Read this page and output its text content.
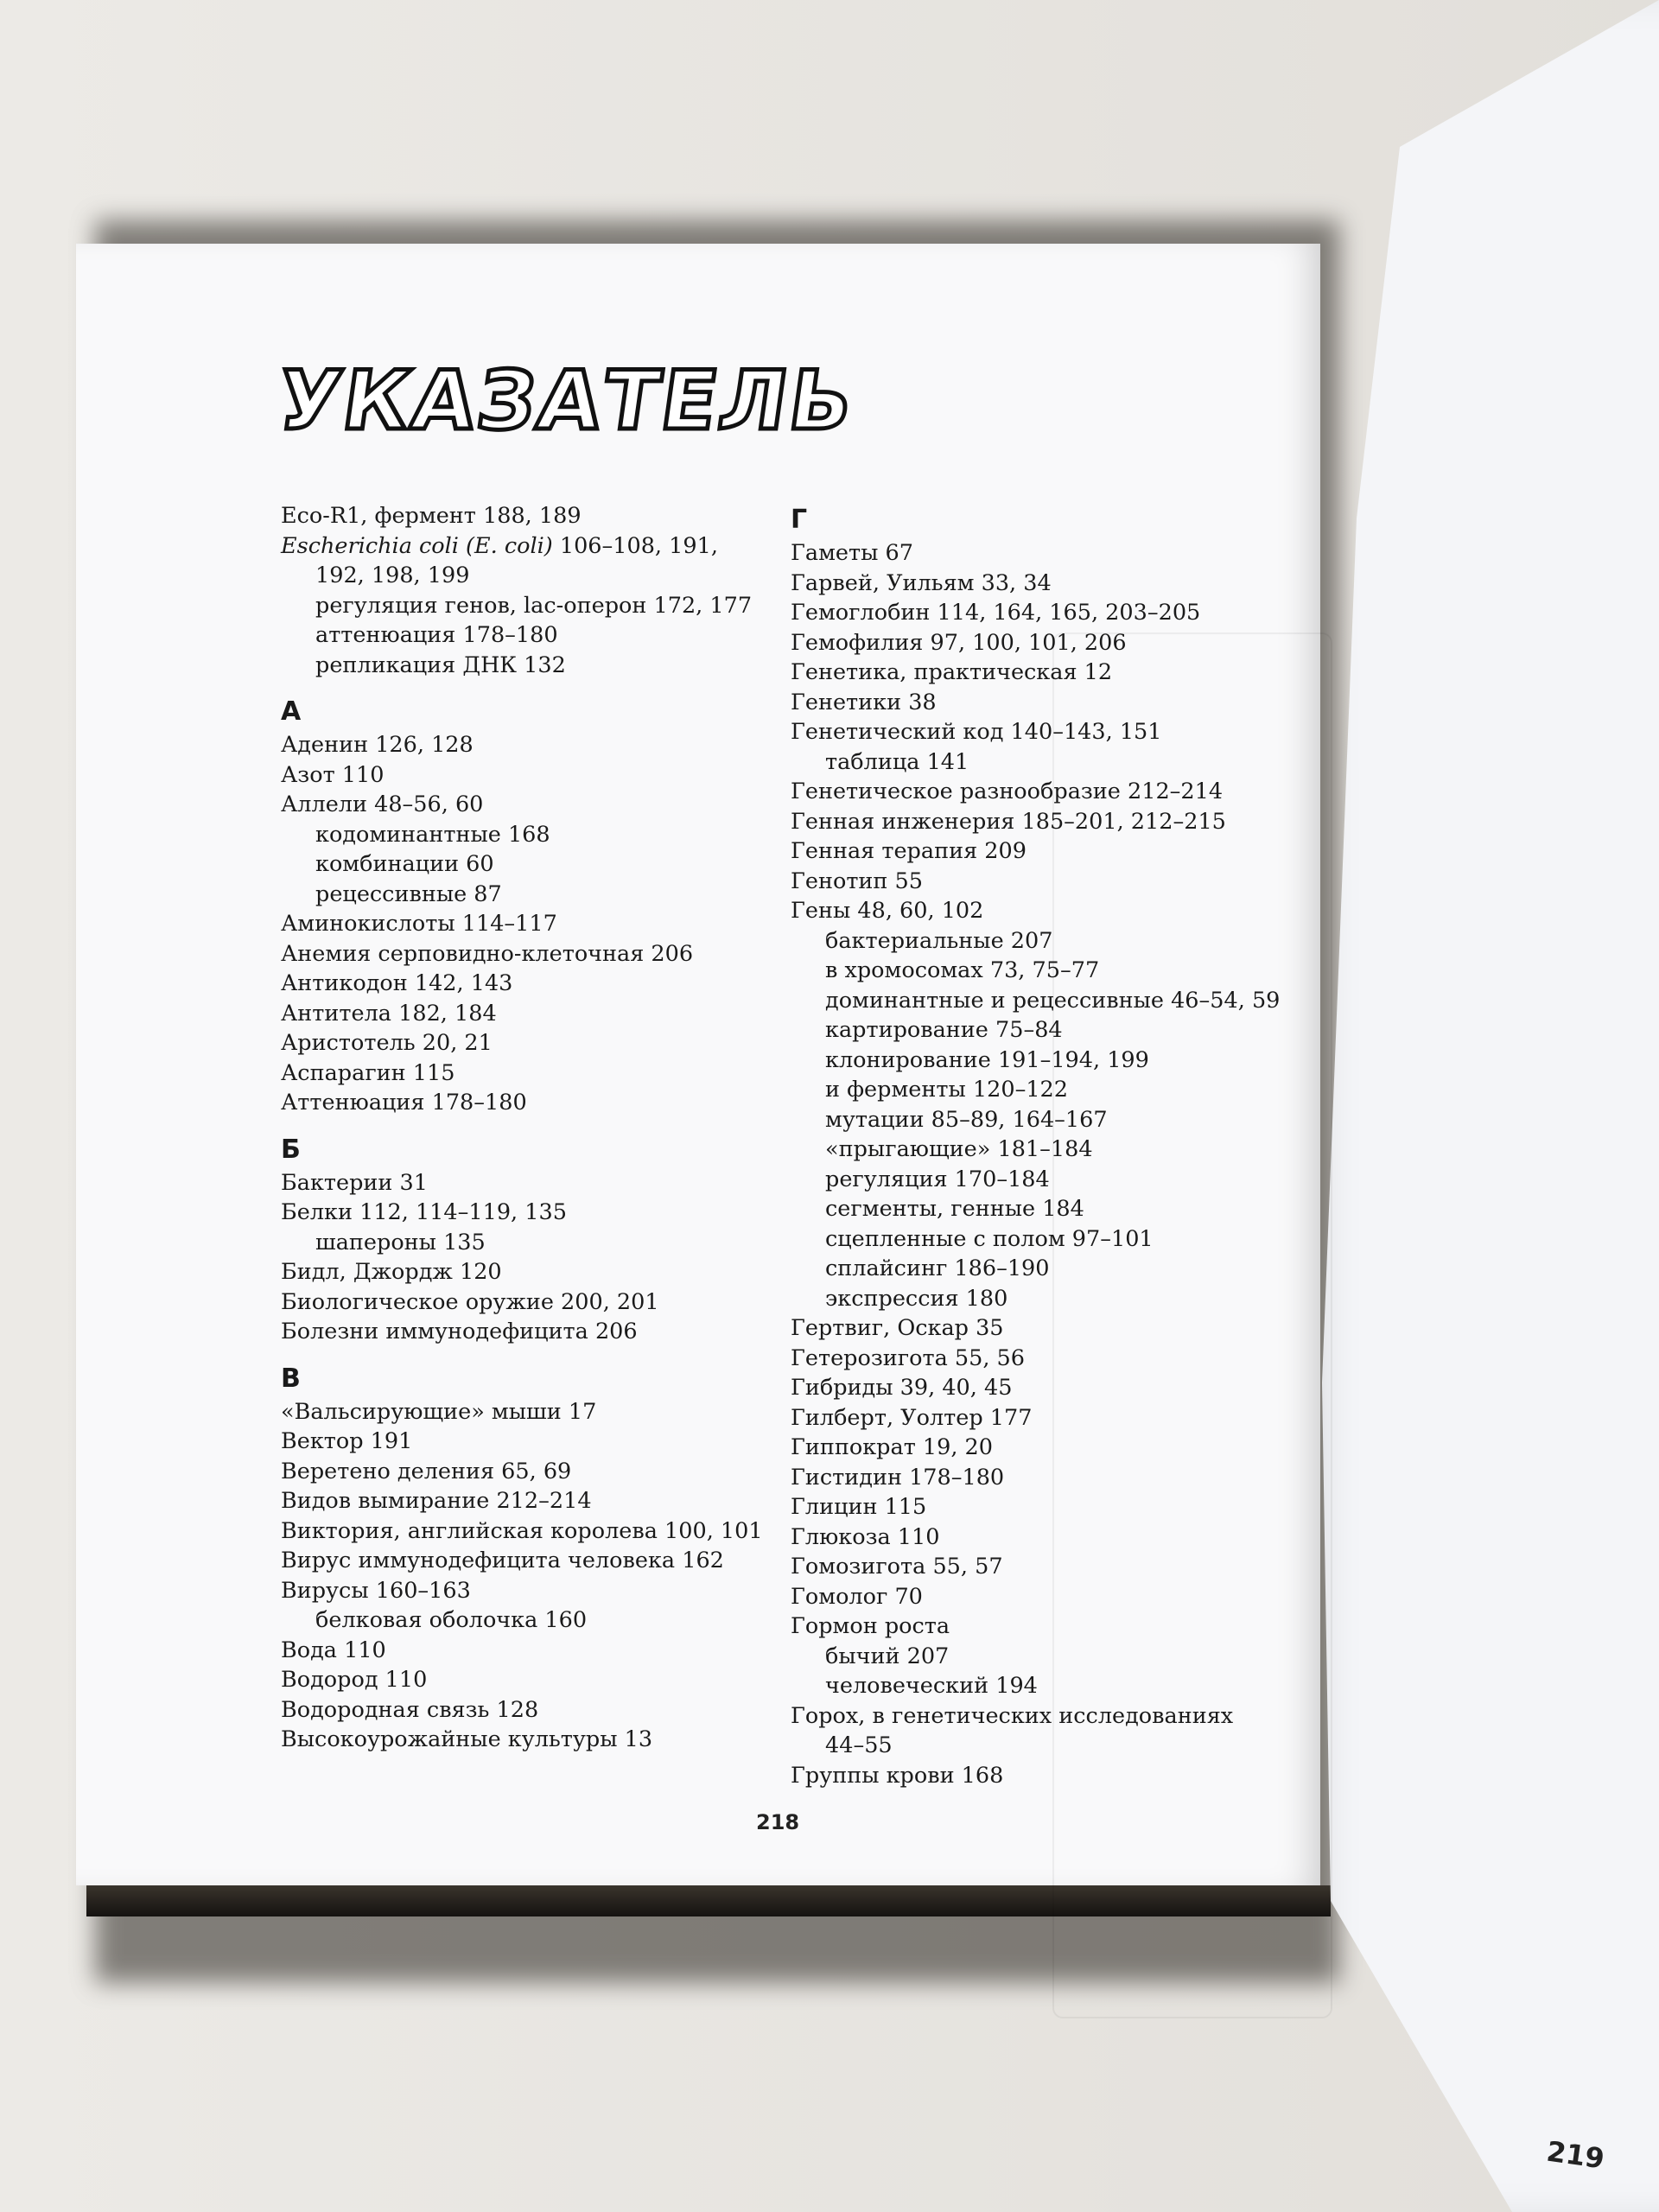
УКАЗАТЕЛЬ
Eco-R1, фермент 188, 189
Escherichia coli (E. coli) 106–108, 191,
192, 198, 199
регуляция генов, lac-оперон 172, 177
аттенюация 178–180
репликация ДНК 132
А
Аденин 126, 128
Азот 110
Аллели 48–56, 60
кодоминантные 168
комбинации 60
рецессивные 87
Аминокислоты 114–117
Анемия серповидно-клеточная 206
Антикодон 142, 143
Антитела 182, 184
Аристотель 20, 21
Аспарагин 115
Аттенюация 178–180
Б
Бактерии 31
Белки 112, 114–119, 135
шапероны 135
Бидл, Джордж 120
Биологическое оружие 200, 201
Болезни иммунодефицита 206
В
«Вальсирующие» мыши 17
Вектор 191
Веретено деления 65, 69
Видов вымирание 212–214
Виктория, английская королева 100, 101
Вирус иммунодефицита человека 162
Вирусы 160–163
белковая оболочка 160
Вода 110
Водород 110
Водородная связь 128
Высокоурожайные культуры 13
Г
Гаметы 67
Гарвей, Уильям 33, 34
Гемоглобин 114, 164, 165, 203–205
Гемофилия 97, 100, 101, 206
Генетика, практическая 12
Генетики 38
Генетический код 140–143, 151
таблица 141
Генетическое разнообразие 212–214
Генная инженерия 185–201, 212–215
Генная терапия 209
Генотип 55
Гены 48, 60, 102
бактериальные 207
в хромосомах 73, 75–77
доминантные и рецессивные 46–54, 59
картирование 75–84
клонирование 191–194, 199
и ферменты 120–122
мутации 85–89, 164–167
«прыгающие» 181–184
регуляция 170–184
сегменты, генные 184
сцепленные с полом 97–101
сплайсинг 186–190
экспрессия 180
Гертвиг, Оскар 35
Гетерозигота 55, 56
Гибриды 39, 40, 45
Гилберт, Уолтер 177
Гиппократ 19, 20
Гистидин 178–180
Глицин 115
Глюкоза 110
Гомозигота 55, 57
Гомолог 70
Гормон роста
бычий 207
человеческий 194
Горох, в генетических исследованиях
44–55
Группы крови 168
218
219
